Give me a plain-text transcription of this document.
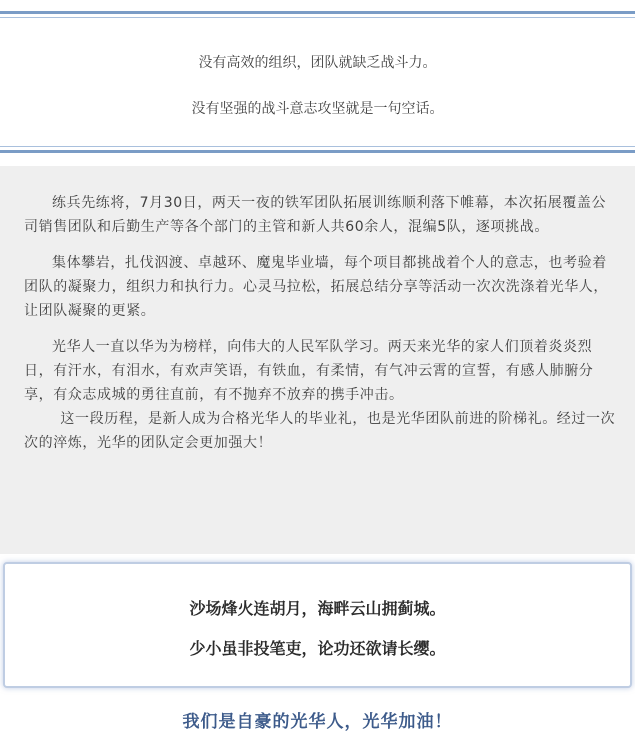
没有高效的组织，团队就缺乏战斗力。

没有坚强的战斗意志攻坚就是一句空话。

练兵先练将，7月30日，两天一夜的铁军团队拓展训练顺利落下帷幕，本次拓展覆盖公司销售团队和后勤生产等各个部门的主管和新人共60余人，混编5队，逐项挑战。

集体攀岩，扎伐泅渡、卓越环、魔鬼毕业墙，每个项目都挑战着个人的意志，也考验着团队的凝聚力，组织力和执行力。心灵马拉松，拓展总结分享等活动一次次洗涤着光华人，让团队凝聚的更紧。

光华人一直以华为为榜样，向伟大的人民军队学习。两天来光华的家人们顶着炎炎烈日，有汗水，有泪水，有欢声笑语，有铁血，有柔情，有气冲云霄的宣誓，有感人肺腑分享，有众志成城的勇往直前，有不抛弃不放弃的携手冲击。

这一段历程，是新人成为合格光华人的毕业礼，也是光华团队前进的阶梯礼。经过一次次的淬炼，光华的团队定会更加强大！

沙场烽火连胡月，海畔云山拥蓟城。

少小虽非投笔吏，论功还欲请长缨。

我们是自豪的光华人，光华加油！
